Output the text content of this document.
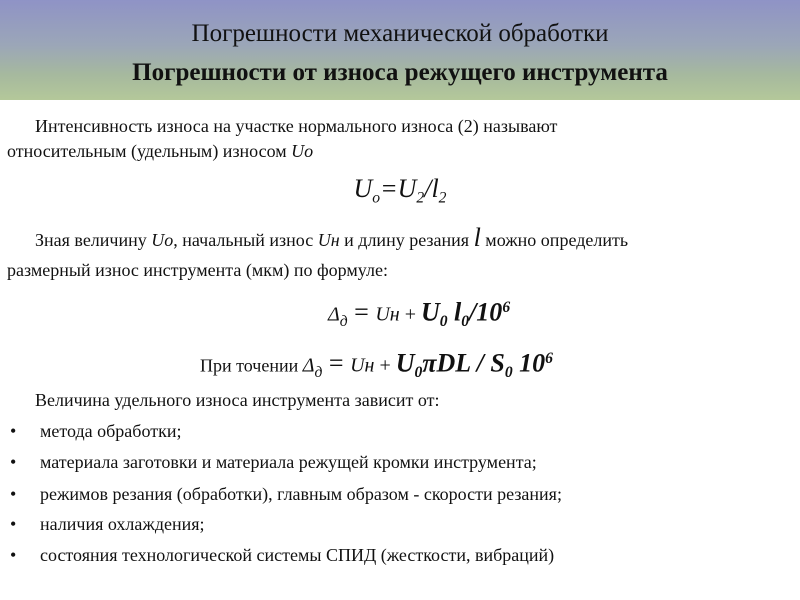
Погрешности механической обработки
Погрешности от износа режущего инструмента
Интенсивность износа на участке нормального износа (2) называют
относительным (удельным) износом Uo
$U_o=U_2/l_2$
Зная величину Uo, начальный износ Uн и длину резания l можно определить
размерный износ инструмента (мкм) по формуле:
$\Delta_д$ = Uн + $U_0$ $l_0/10^6$
При точении $\Delta_д$ = Uн + $U_0\pi DL / S_0$ $10^6$
Величина удельного износа инструмента зависит от:
• метода обработки;
• материала заготовки и материала режущей кромки инструмента;
• режимов резания (обработки), главным образом - скорости резания;
• наличия охлаждения;
• состояния технологической системы СПИД (жесткости, вибраций)
